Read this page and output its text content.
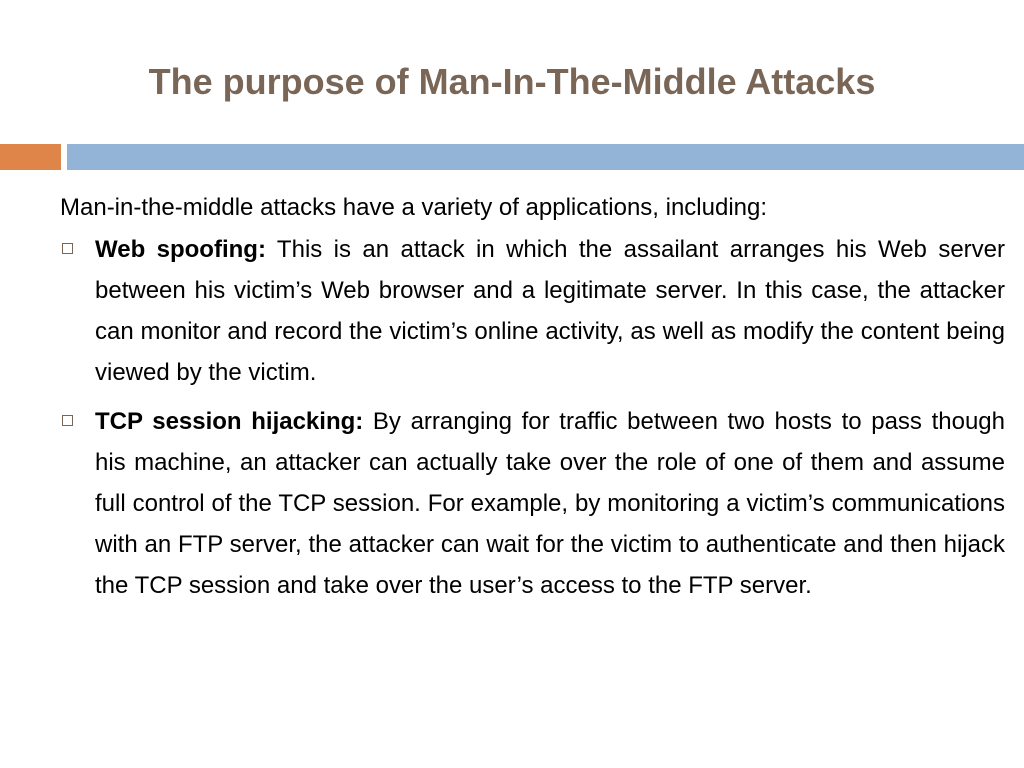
The purpose of Man-In-The-Middle Attacks
Man-in-the-middle attacks have a variety of applications, including:
Web spoofing: This is an attack in which the assailant arranges his Web server between his victim’s Web browser and a legitimate server. In this case, the attacker can monitor and record the victim’s online activity, as well as modify the content being viewed by the victim.
TCP session hijacking: By arranging for traffic between two hosts to pass though his machine, an attacker can actually take over the role of one of them and assume full control of the TCP session. For example, by monitoring a victim’s communications with an FTP server, the attacker can wait for the victim to authenticate and then hijack the TCP session and take over the user’s access to the FTP server.
